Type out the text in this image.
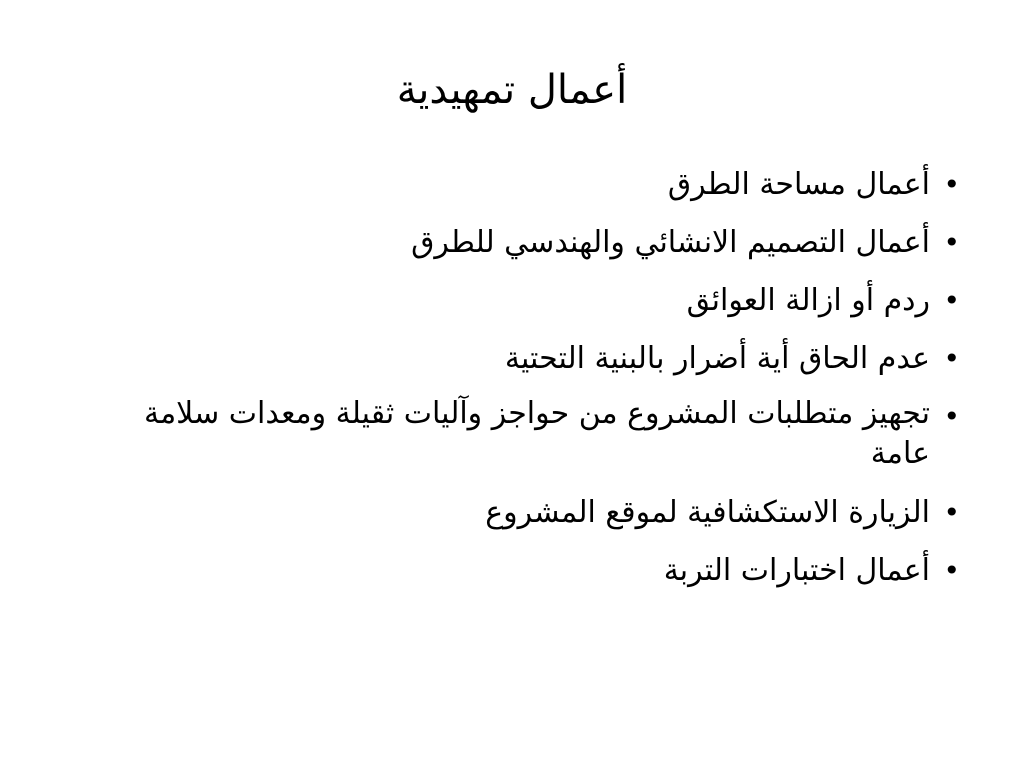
أعمال تمهيدية
• أعمال مساحة الطرق
• أعمال التصميم الانشائي والهندسي للطرق
• ردم أو ازالة العوائق
• عدم الحاق أية أضرار بالبنية التحتية
• تجهيز متطلبات المشروع من حواجز وآليات ثقيلة ومعدات سلامة عامة
• الزيارة الاستكشافية لموقع المشروع
• أعمال اختبارات التربة
